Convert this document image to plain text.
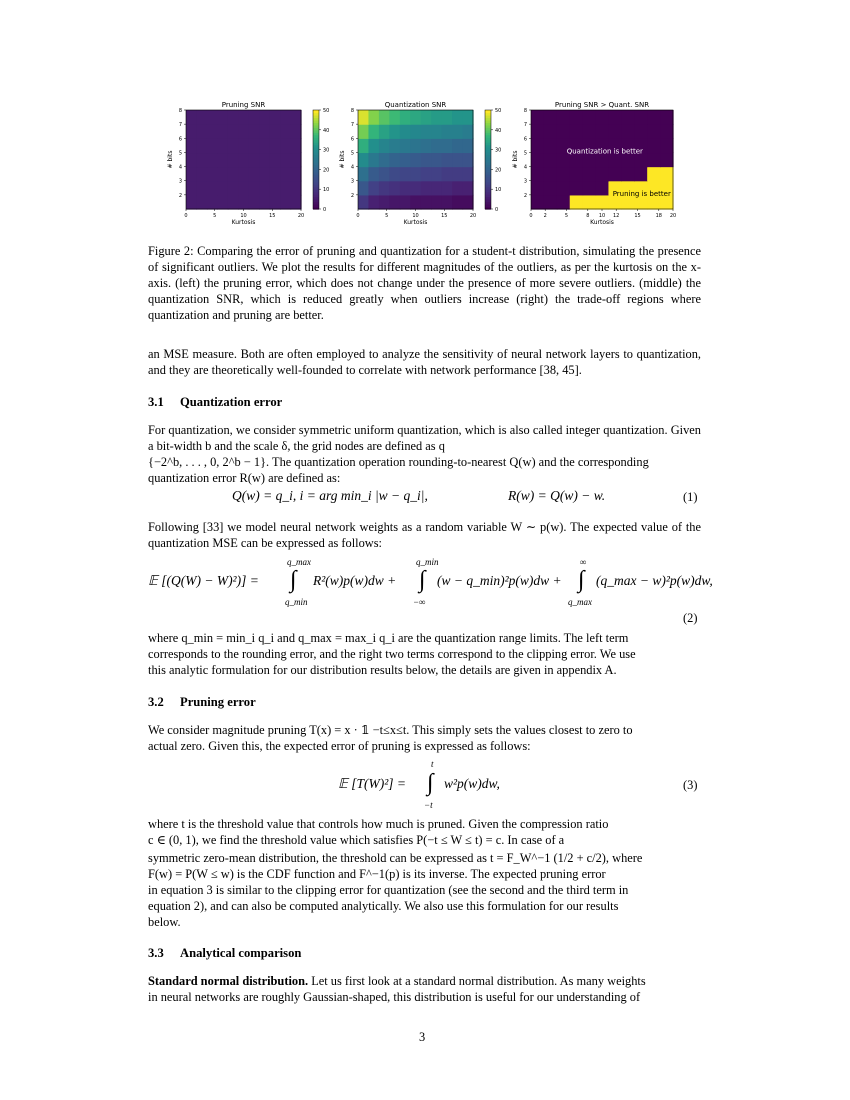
Pruning SNR
0	5	10	15	20
2
3
4
5
6
7
8
Kurtosis
# bits
0
10
20
30
40
50
Quantization SNR
0	5	10	15	20
2
3
4
5
6
7
8
Kurtosis
# bits
0
10
20
30
40
50
Pruning SNR > Quant. SNR
0 2	5	8 10 12	15	18 20
2
3
4
5
6
7
8
Kurtosis
# bits	Quantization is better
Pruning is better
Figure 2: Comparing the error of pruning and quantization for a student-t distribution, simulating the presence of significant outliers. We plot the results for different magnitudes of the outliers, as per the kurtosis on the x-axis. (left) the pruning error, which does not change under the presence of more severe outliers. (middle) the quantization SNR, which is reduced greatly when outliers increase (right) the trade-off regions where quantization and pruning are better.
an MSE measure. Both are often employed to analyze the sensitivity of neural network layers to quantization, and they are theoretically well-founded to correlate with network performance [38, 45].
3.1 Quantization error
For quantization, we consider symmetric uniform quantization, which is also called integer quantization. Given a bit-width b and the scale δ, the grid nodes are defined as q
{−2^b, . . . , 0, 2^b − 1}. The quantization operation rounding-to-nearest Q(w) and the corresponding
quantization error R(w) are defined as:
Q(w) = q_i, i = arg min_i |w − q_i|,	R(w) = Q(w) − w.	(1)
Following [33] we model neural network weights as a random variable W ∼ p(w). The expected value of the quantization MSE can be expressed as follows:
𝔼 [(Q(W) − W)²)] = ∫
q_max
q_min
R²(w)p(w)dw + ∫
q_min
−∞
(w − q_min)²p(w)dw + ∫
∞
q_max
(q_max − w)²p(w)dw,
(2)
where q_min = min_i q_i and q_max = max_i q_i are the quantization range limits. The left term
corresponds to the rounding error, and the right two terms correspond to the clipping error. We use
this analytic formulation for our distribution results below, the details are given in appendix A.
3.2 Pruning error
We consider magnitude pruning T(x) = x · 𝟙 −t≤x≤t. This simply sets the values closest to zero to
actual zero. Given this, the expected error of pruning is expressed as follows:
𝔼 [T(W)²] = ∫
t
−t
w²p(w)dw,	(3)
where t is the threshold value that controls how much is pruned. Given the compression ratio
c ∈ (0, 1), we find the threshold value which satisfies P(−t ≤ W ≤ t) = c. In case of a
symmetric zero-mean distribution, the threshold can be expressed as t = F_W^−1 (1/2 + c/2), where
F(w) = P(W ≤ w) is the CDF function and F^−1(p) is its inverse. The expected pruning error
in equation 3 is similar to the clipping error for quantization (see the second and the third term in
equation 2), and can also be computed analytically. We also use this formulation for our results
below.
3.3 Analytical comparison
Standard normal distribution. Let us first look at a standard normal distribution. As many weights
in neural networks are roughly Gaussian-shaped, this distribution is useful for our understanding of
3
